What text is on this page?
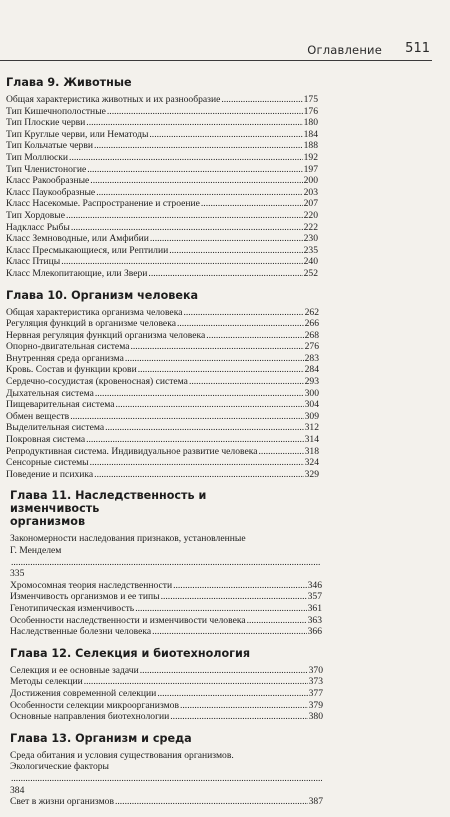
Оглавление 511
Глава 9. Животные
Общая характеристика животных и их разнообразие .....	175
Тип Кишечнополостные .....	176
Тип Плоские черви .....	180
Тип Круглые черви, или Нематоды .....	184
Тип Кольчатые черви .....	188
Тип Моллюски .....	192
Тип Членистоногие .....	197
Класс Ракообразные .....	200
Класс Паукообразные .....	203
Класс Насекомые. Распространение и строение .....	207
Тип Хордовые .....	220
Надкласс Рыбы .....	222
Класс Земноводные, или Амфибии .....	230
Класс Пресмыкающиеся, или Рептилии .....	235
Класс Птицы .....	240
Класс Млекопитающие, или Звери .....	252
Глава 10. Организм человека
Общая характеристика организма человека .....	262
Регуляция функций в организме человека .....	266
Нервная регуляция функций организма человека .....	268
Опорно-двигательная система .....	276
Внутренняя среда организма .....	283
Кровь. Состав и функции крови .....	284
Сердечно-сосудистая (кровеносная) система .....	293
Дыхательная система .....	300
Пищеварительная система .....	304
Обмен веществ .....	309
Выделительная система .....	312
Покровная система .....	314
Репродуктивная система. Индивидуальное развитие человека .....	318
Сенсорные системы .....	324
Поведение и психика .....	329
Глава 11. Наследственность и изменчивость
организмов
Закономерности наследования признаков, установленные
Г. Менделем
.....
335
Хромосомная теория наследственности .....	346
Изменчивость организмов и ее типы .....	357
Генотипическая изменчивость .....	361
Особенности наследственности и изменчивости человека .....	363
Наследственные болезни человека .....	366
Глава 12. Селекция и биотехнология
Селекция и ее основные задачи .....	370
Методы селекции .....	373
Достижения современной селекции .....	377
Особенности селекции микроорганизмов .....	379
Основные направления биотехнологии .....	380
Глава 13. Организм и среда
Среда обитания и условия существования организмов.
Экологические факторы
.....
384
Свет в жизни организмов .....	387
